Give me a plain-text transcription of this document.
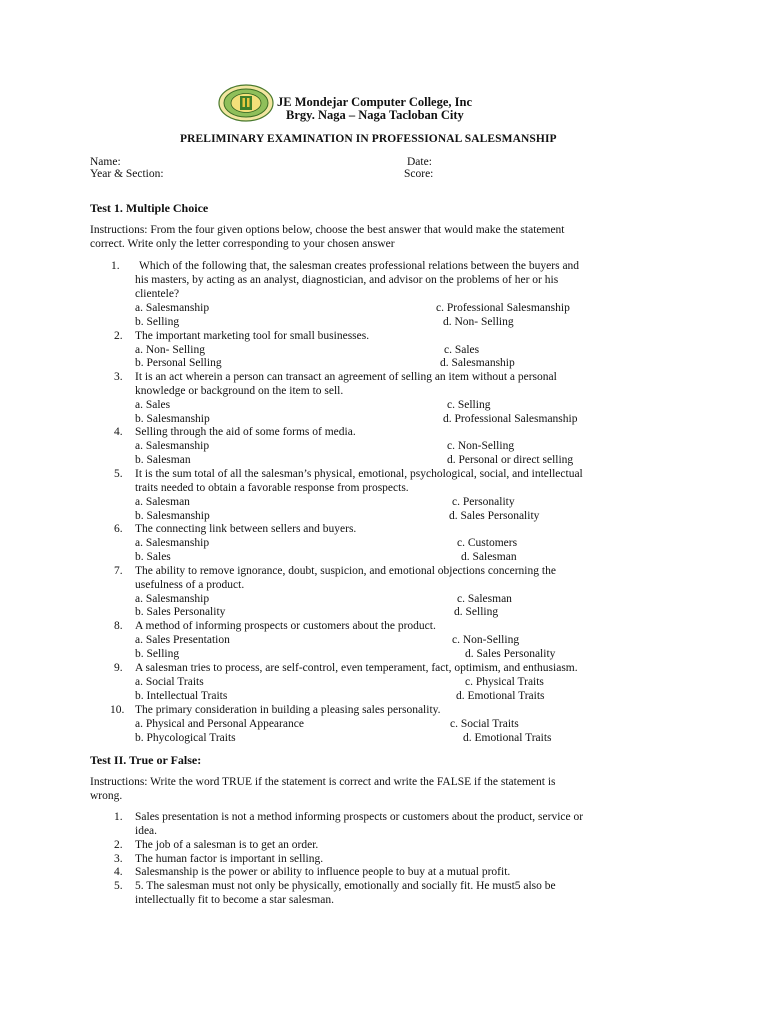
JE Mondejar Computer College, Inc
Brgy. Naga – Naga Tacloban City
PRELIMINARY EXAMINATION IN PROFESSIONAL SALESMANSHIP
Name:	Date:
Year & Section:	Score:
Test 1. Multiple Choice
Instructions: From the four given options below, choose the best answer that would make the statement
correct. Write only the letter corresponding to your chosen answer
1. Which of the following that, the salesman creates professional relations between the buyers and
his masters, by acting as an analyst, diagnostician, and advisor on the problems of her or his
clientele?
a. Salesmanship	c. Professional Salesmanship
b. Selling	d. Non- Selling
2. The important marketing tool for small businesses.
a. Non- Selling	c. Sales
b. Personal Selling	d. Salesmanship
3. It is an act wherein a person can transact an agreement of selling an item without a personal
knowledge or background on the item to sell.
a. Sales	c. Selling
b. Salesmanship	d. Professional Salesmanship
4. Selling through the aid of some forms of media.
a. Salesmanship	c. Non-Selling
b. Salesman	d. Personal or direct selling
5. It is the sum total of all the salesman’s physical, emotional, psychological, social, and intellectual
traits needed to obtain a favorable response from prospects.
a. Salesman	c. Personality
b. Salesmanship	d. Sales Personality
6. The connecting link between sellers and buyers.
a. Salesmanship	c. Customers
b. Sales	d. Salesman
7. The ability to remove ignorance, doubt, suspicion, and emotional objections concerning the
usefulness of a product.
a. Salesmanship	c. Salesman
b. Sales Personality	d. Selling
8. A method of informing prospects or customers about the product.
a. Sales Presentation	c. Non-Selling
b. Selling	d. Sales Personality
9. A salesman tries to process, are self-control, even temperament, fact, optimism, and enthusiasm.
a. Social Traits	c. Physical Traits
b. Intellectual Traits	d. Emotional Traits
10. The primary consideration in building a pleasing sales personality.
a. Physical and Personal Appearance	c. Social Traits
b. Phycological Traits	d. Emotional Traits
Test II. True or False:
Instructions: Write the word TRUE if the statement is correct and write the FALSE if the statement is
wrong.
1. Sales presentation is not a method informing prospects or customers about the product, service or
idea.
2. The job of a salesman is to get an order.
3. The human factor is important in selling.
4. Salesmanship is the power or ability to influence people to buy at a mutual profit.
5. 5. The salesman must not only be physically, emotionally and socially fit. He must5 also be
intellectually fit to become a star salesman.
